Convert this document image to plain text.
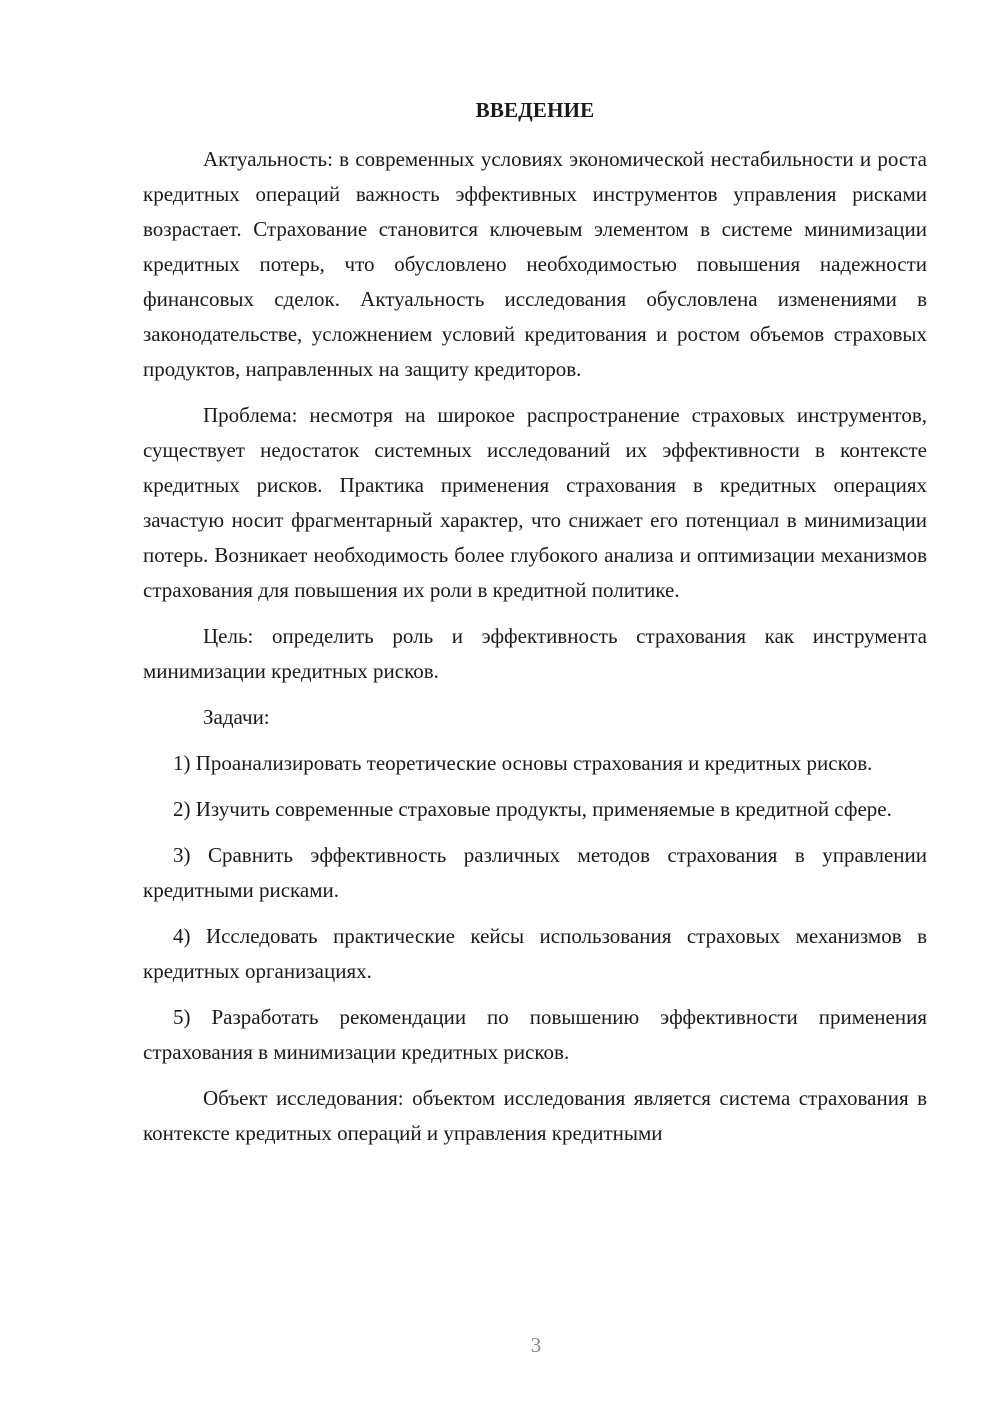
ВВЕДЕНИЕ

Актуальность: в современных условиях экономической нестабильности и роста кредитных операций важность эффективных инструментов управления рисками возрастает. Страхование становится ключевым элементом в системе минимизации кредитных потерь, что обусловлено необходимостью повышения надежности финансовых сделок. Актуальность исследования обусловлена изменениями в законодательстве, усложнением условий кредитования и ростом объемов страховых продуктов, направленных на защиту кредиторов.

Проблема: несмотря на широкое распространение страховых инструментов, существует недостаток системных исследований их эффективности в контексте кредитных рисков. Практика применения страхования в кредитных операциях зачастую носит фрагментарный характер, что снижает его потенциал в минимизации потерь. Возникает необходимость более глубокого анализа и оптимизации механизмов страхования для повышения их роли в кредитной политике.

Цель: определить роль и эффективность страхования как инструмента минимизации кредитных рисков.

Задачи:

1) Проанализировать теоретические основы страхования и кредитных рисков.

2) Изучить современные страховые продукты, применяемые в кредитной сфере.

3) Сравнить эффективность различных методов страхования в управлении кредитными рисками.

4) Исследовать практические кейсы использования страховых механизмов в кредитных организациях.

5) Разработать рекомендации по повышению эффективности применения страхования в минимизации кредитных рисков.

Объект исследования: объектом исследования является система страхования в контексте кредитных операций и управления кредитными

3
